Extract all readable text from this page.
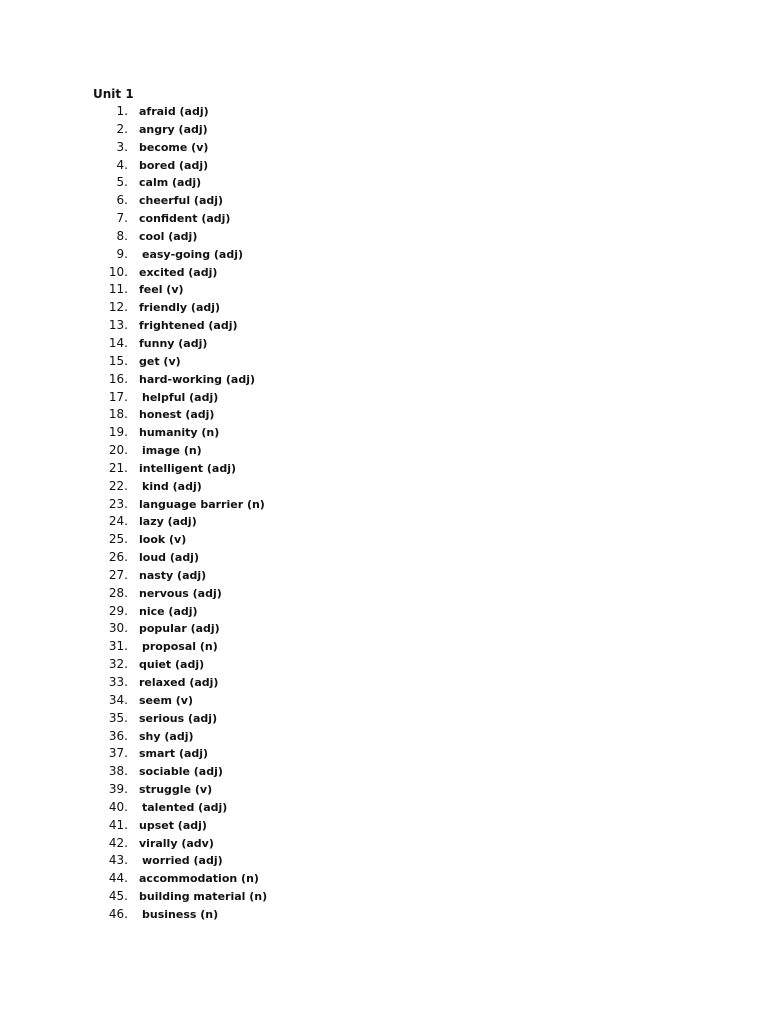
Unit 1

1. afraid (adj)
2. angry (adj)
3. become (v)
4. bored (adj)
5. calm (adj)
6. cheerful (adj)
7. confident (adj)
8. cool (adj)
9. easy-going (adj)
10. excited (adj)
11. feel (v)
12. friendly (adj)
13. frightened (adj)
14. funny (adj)
15. get (v)
16. hard-working (adj)
17. helpful (adj)
18. honest (adj)
19. humanity (n)
20. image (n)
21. intelligent (adj)
22. kind (adj)
23. language barrier (n)
24. lazy (adj)
25. look (v)
26. loud (adj)
27. nasty (adj)
28. nervous (adj)
29. nice (adj)
30. popular (adj)
31. proposal (n)
32. quiet (adj)
33. relaxed (adj)
34. seem (v)
35. serious (adj)
36. shy (adj)
37. smart (adj)
38. sociable (adj)
39. struggle (v)
40. talented (adj)
41. upset (adj)
42. virally (adv)
43. worried (adj)
44. accommodation (n)
45. building material (n)
46. business (n)
